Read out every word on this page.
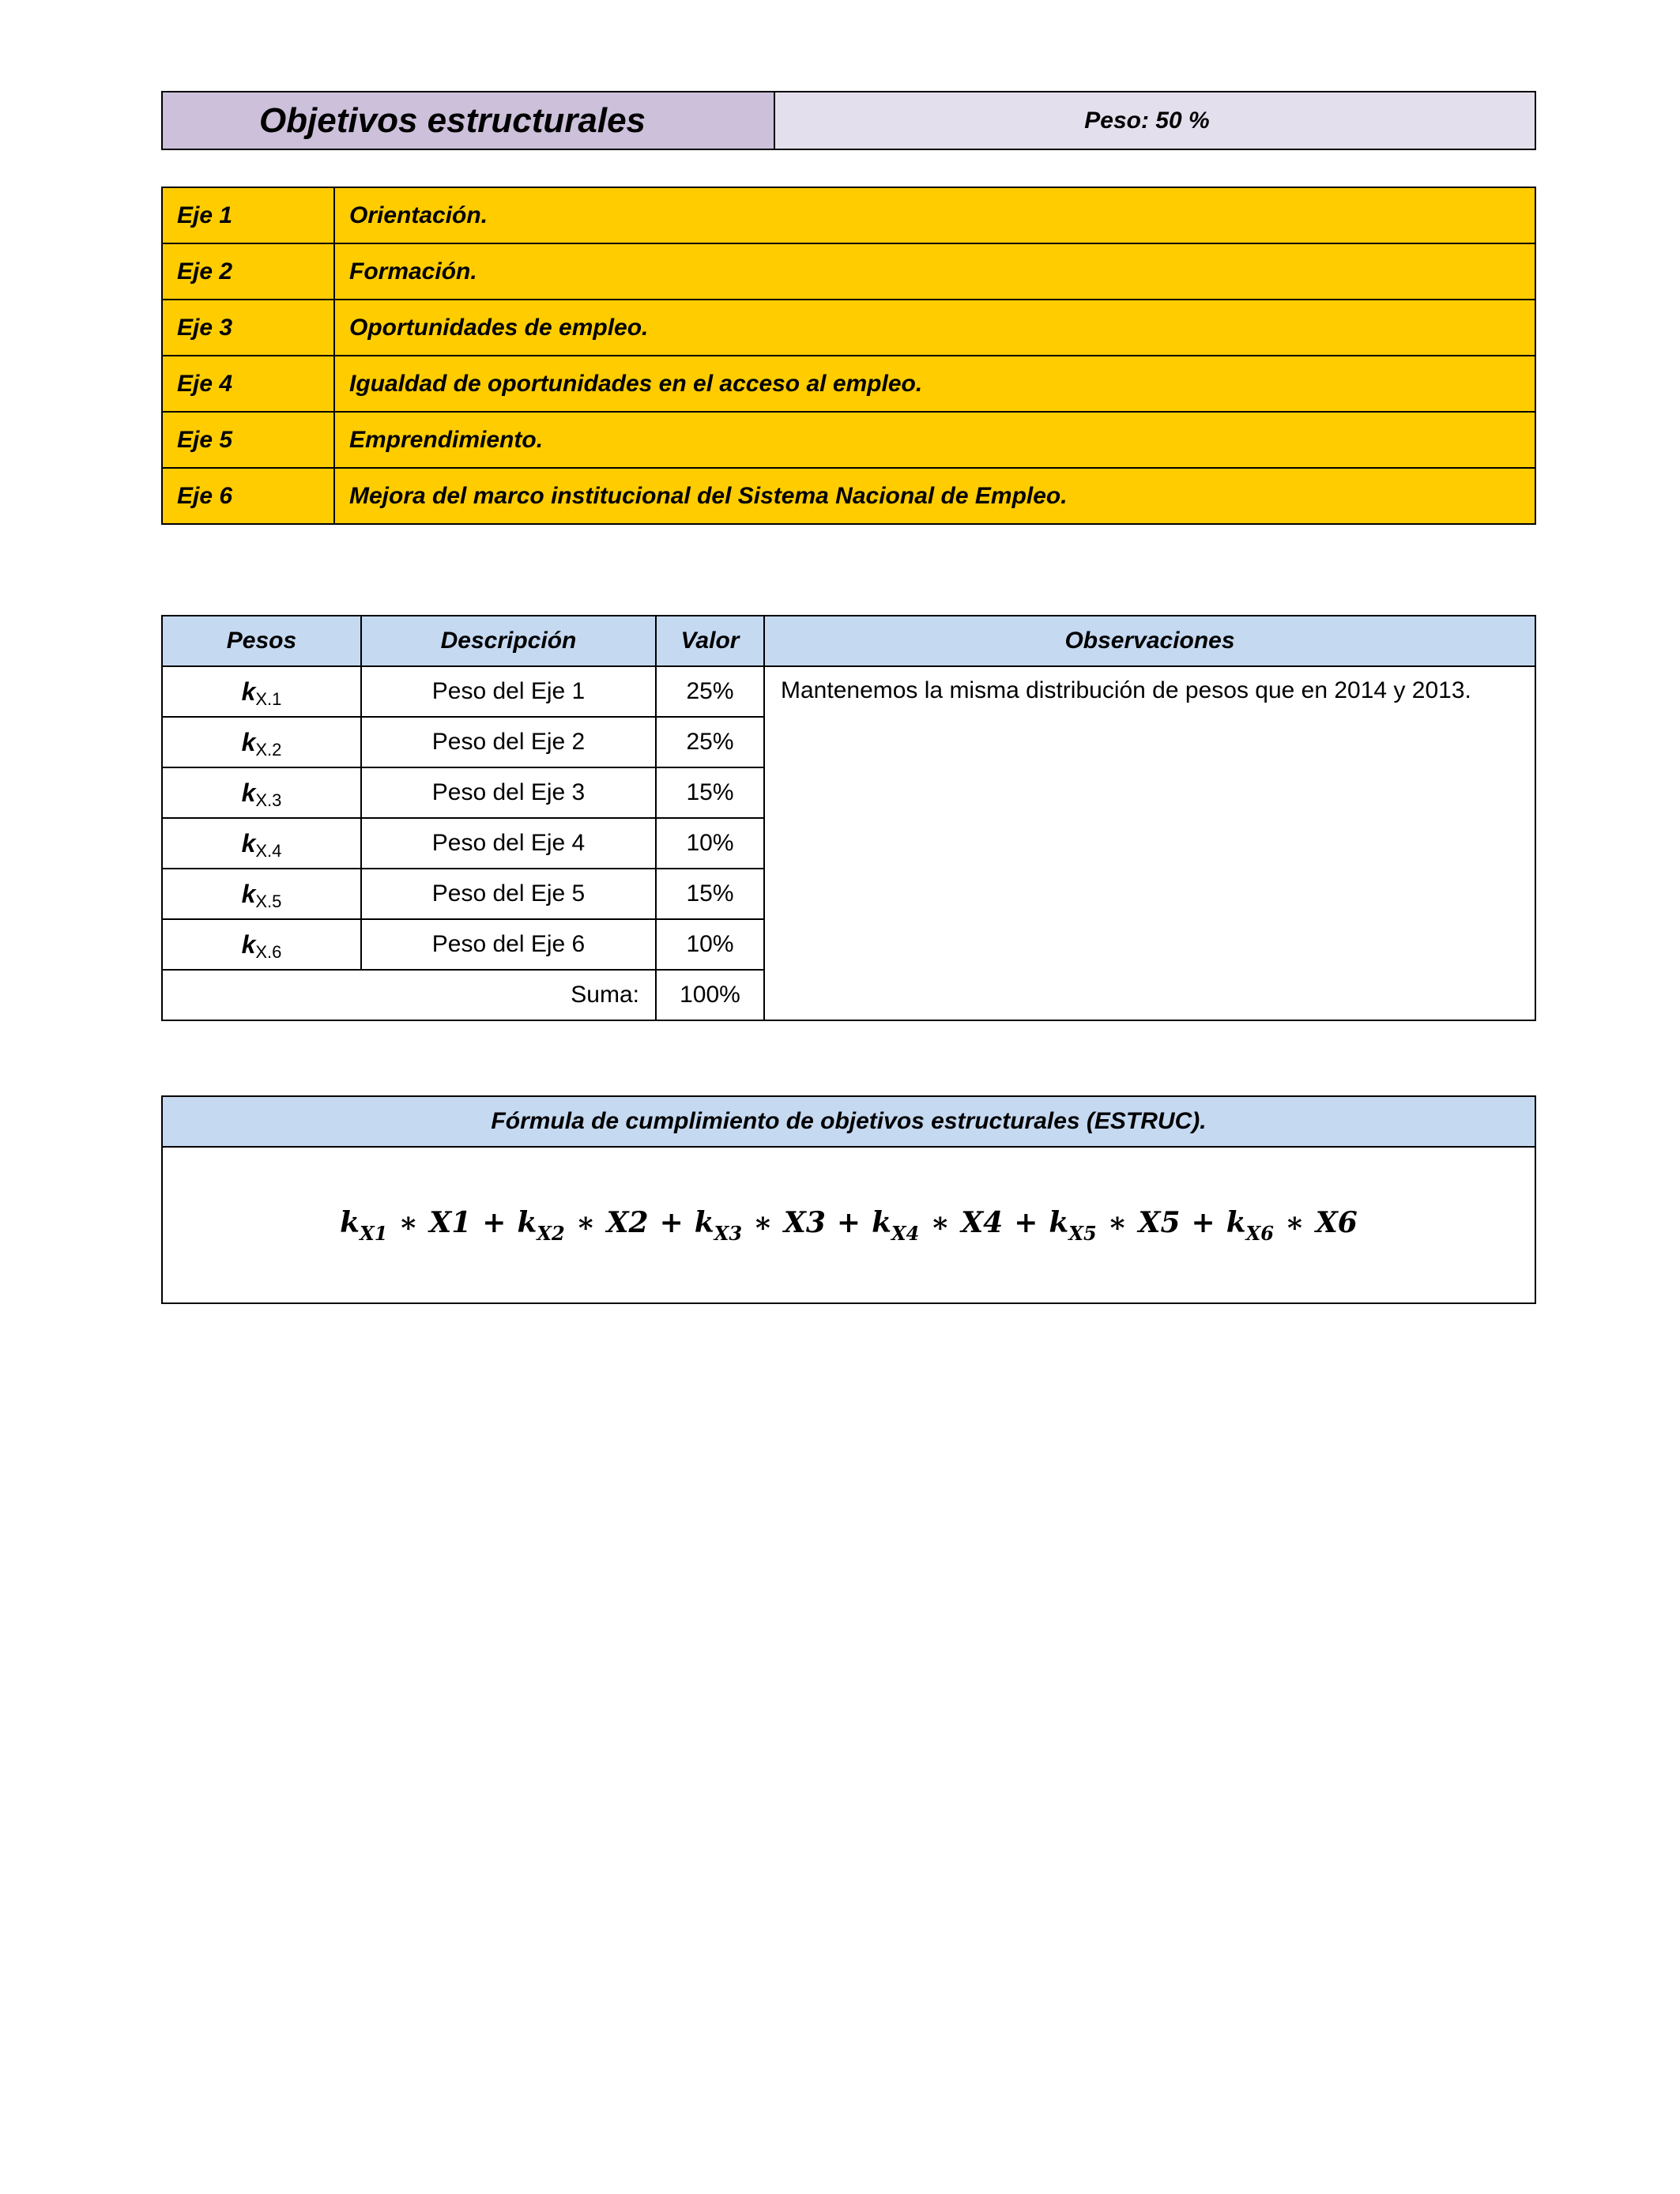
Objetivos estructurales	Peso: 50 %
Eje 1	Orientación.
Eje 2	Formación.
Eje 3	Oportunidades de empleo.
Eje 4	Igualdad de oportunidades en el acceso al empleo.
Eje 5	Emprendimiento.
Eje 6	Mejora del marco institucional del Sistema Nacional de Empleo.
Pesos	Descripción	Valor	Observaciones
$k_{X.1}$	Peso del Eje 1	25%	Mantenemos la misma distribución de pesos que en 2014 y 2013.
$k_{X.2}$	Peso del Eje 2	25%	
$k_{X.3}$	Peso del Eje 3	15%	
$k_{X.4}$	Peso del Eje 4	10%	
$k_{X.5}$	Peso del Eje 5	15%	
$k_{X.6}$	Peso del Eje 6	10%	
Suma:		100%	
Fórmula de cumplimiento de objetivos estructurales (ESTRUC).
$k_{X1}$ ∗ $X1 + k_{X2}$ ∗ $X2 + k_{X3}$ ∗ $X3 + k_{X4}$ ∗ $X4 + k_{X5}$ ∗ $X5 + k_{X6}$ ∗ X6
